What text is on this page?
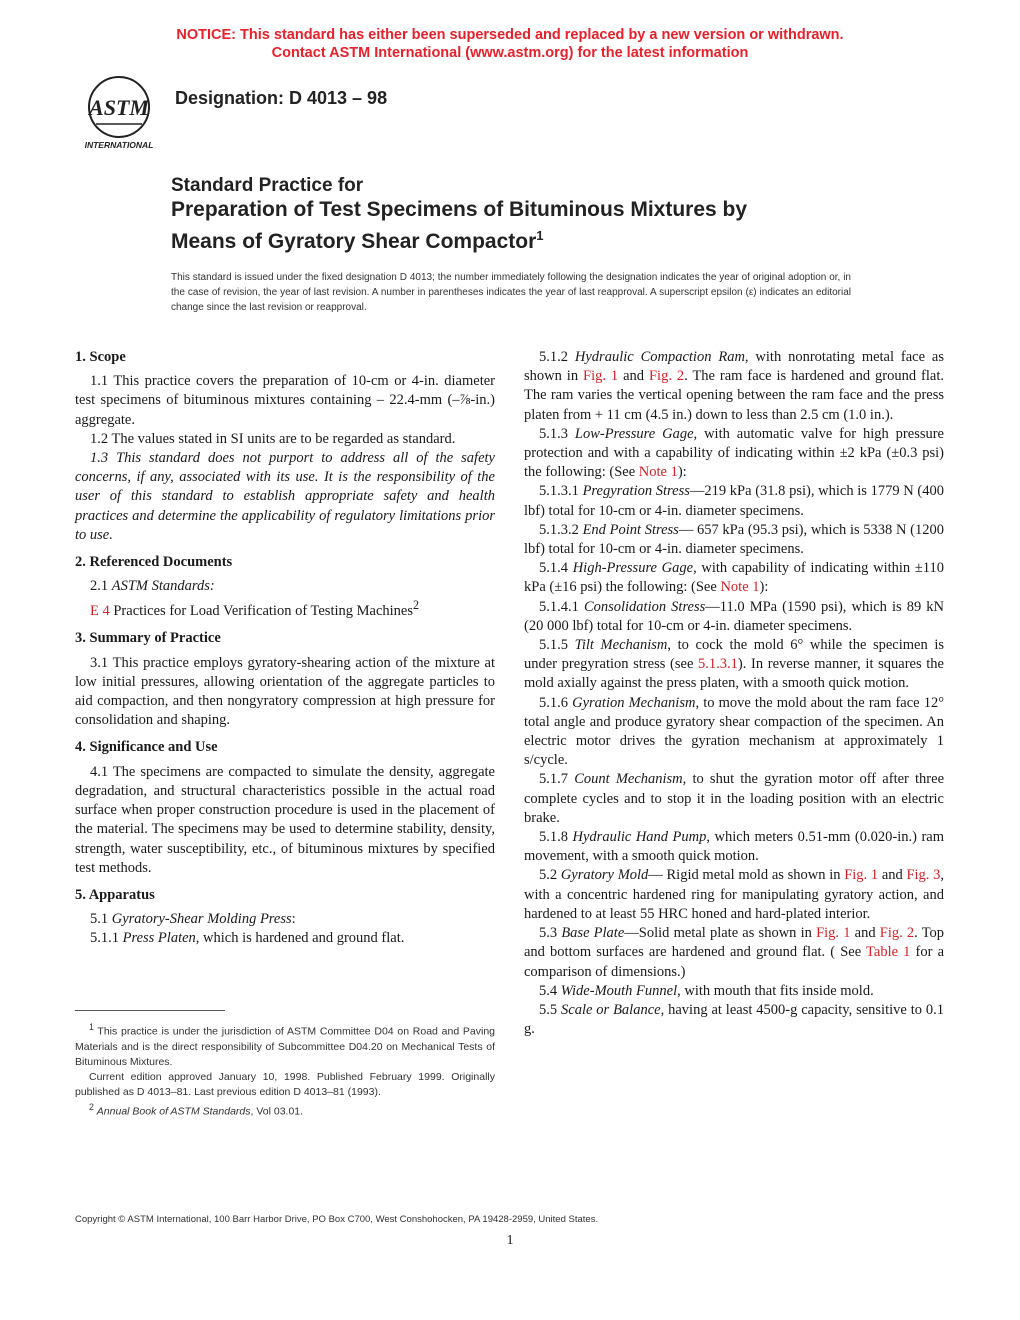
NOTICE: This standard has either been superseded and replaced by a new version or withdrawn.
Contact ASTM International (www.astm.org) for the latest information
ASTM
INTERNATIONAL
Designation: D 4013 – 98
Standard Practice for
Preparation of Test Specimens of Bituminous Mixtures by
Means of Gyratory Shear Compactor$^1$
This standard is issued under the fixed designation D 4013; the number immediately following the designation indicates the year of original adoption or, in the case of revision, the year of last revision. A number in parentheses indicates the year of last reapproval. A superscript epsilon (ε) indicates an editorial change since the last revision or reapproval.
1. Scope

1.1 This practice covers the preparation of 10-cm or 4-in. diameter test specimens of bituminous mixtures containing – 22.4-mm (–⅞-in.) aggregate.

1.2 The values stated in SI units are to be regarded as standard.

1.3 This standard does not purport to address all of the safety concerns, if any, associated with its use. It is the responsibility of the user of this standard to establish appropriate safety and health practices and determine the applicability of regulatory limitations prior to use.

2. Referenced Documents

2.1 ASTM Standards:

E 4 Practices for Load Verification of Testing Machines$^2$

3. Summary of Practice

3.1 This practice employs gyratory-shearing action of the mixture at low initial pressures, allowing orientation of the aggregate particles to aid compaction, and then nongyratory compression at high pressure for consolidation and shaping.

4. Significance and Use

4.1 The specimens are compacted to simulate the density, aggregate degradation, and structural characteristics possible in the actual road surface when proper construction procedure is used in the placement of the material. The specimens may be used to determine stability, density, strength, water susceptibility, etc., of bituminous mixtures by specified test methods.

5. Apparatus

5.1 Gyratory-Shear Molding Press:

5.1.1 Press Platen, which is hardened and ground flat.

$^1$ This practice is under the jurisdiction of ASTM Committee D04 on Road and Paving Materials and is the direct responsibility of Subcommittee D04.20 on Mechanical Tests of Bituminous Mixtures.

Current edition approved January 10, 1998. Published February 1999. Originally published as D 4013–81. Last previous edition D 4013–81 (1993).

$^2$ Annual Book of ASTM Standards, Vol 03.01.

5.1.2 Hydraulic Compaction Ram, with nonrotating metal face as shown in Fig. 1 and Fig. 2. The ram face is hardened and ground flat. The ram varies the vertical opening between the ram face and the press platen from + 11 cm (4.5 in.) down to less than 2.5 cm (1.0 in.).

5.1.3 Low-Pressure Gage, with automatic valve for high pressure protection and with a capability of indicating within ±2 kPa (±0.3 psi) the following: (See Note 1):

5.1.3.1 Pregyration Stress—219 kPa (31.8 psi), which is 1779 N (400 lbf) total for 10-cm or 4-in. diameter specimens.

5.1.3.2 End Point Stress— 657 kPa (95.3 psi), which is 5338 N (1200 lbf) total for 10-cm or 4-in. diameter specimens.

5.1.4 High-Pressure Gage, with capability of indicating within ±110 kPa (±16 psi) the following: (See Note 1):

5.1.4.1 Consolidation Stress—11.0 MPa (1590 psi), which is 89 kN (20 000 lbf) total for 10-cm or 4-in. diameter specimens.

5.1.5 Tilt Mechanism, to cock the mold 6° while the specimen is under pregyration stress (see 5.1.3.1). In reverse manner, it squares the mold axially against the press platen, with a smooth quick motion.

5.1.6 Gyration Mechanism, to move the mold about the ram face 12° total angle and produce gyratory shear compaction of the specimen. An electric motor drives the gyration mechanism at approximately 1 s/cycle.

5.1.7 Count Mechanism, to shut the gyration motor off after three complete cycles and to stop it in the loading position with an electric brake.

5.1.8 Hydraulic Hand Pump, which meters 0.51-mm (0.020-in.) ram movement, with a smooth quick motion.

5.2 Gyratory Mold— Rigid metal mold as shown in Fig. 1 and Fig. 3, with a concentric hardened ring for manipulating gyratory action, and hardened to at least 55 HRC honed and hard-plated interior.

5.3 Base Plate—Solid metal plate as shown in Fig. 1 and Fig. 2. Top and bottom surfaces are hardened and ground flat. ( See Table 1 for a comparison of dimensions.)

5.4 Wide-Mouth Funnel, with mouth that fits inside mold.

5.5 Scale or Balance, having at least 4500-g capacity, sensitive to 0.1 g.

Copyright © ASTM International, 100 Barr Harbor Drive, PO Box C700, West Conshohocken, PA 19428-2959, United States.
1
